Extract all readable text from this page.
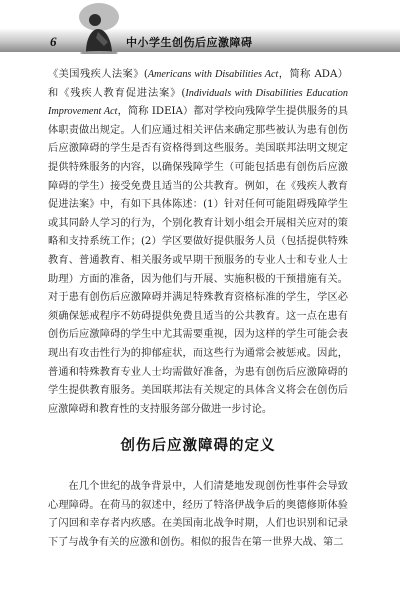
6	中小学生创伤后应激障碍

《美国残疾人法案》(Americans with Disabilities Act，简称 ADA）和《残疾人教育促进法案》(Individuals with Disabilities Education Improvement Act，简称 IDEIA）都对学校向残障学生提供服务的具体职责做出规定。人们应通过相关评估来确定那些被认为患有创伤后应激障碍的学生是否有资格得到这些服务。美国联邦法明文规定提供特殊服务的内容，以确保残障学生（可能包括患有创伤后应激障碍的学生）接受免费且适当的公共教育。例如，在《残疾人教育促进法案》中，有如下具体陈述：(1）针对任何可能阻碍残障学生或其同龄人学习的行为，个别化教育计划小组会开展相关应对的策略和支持系统工作；(2）学区要做好提供服务人员（包括提供特殊教育、普通教育、相关服务或早期干预服务的专业人士和专业人士助理）方面的准备，因为他们与开展、实施积极的干预措施有关。对于患有创伤后应激障碍并满足特殊教育资格标准的学生，学区必须确保惩戒程序不妨碍提供免费且适当的公共教育。这一点在患有创伤后应激障碍的学生中尤其需要重视，因为这样的学生可能会表现出有攻击性行为的抑郁症状，而这些行为通常会被惩戒。因此，普通和特殊教育专业人士均需做好准备，为患有创伤后应激障碍的学生提供教育服务。美国联邦法有关规定的具体含义将会在创伤后应激障碍和教育性的支持服务部分做进一步讨论。

创伤后应激障碍的定义

在几个世纪的战争背景中，人们清楚地发现创伤性事件会导致心理障碍。在荷马的叙述中，经历了特洛伊战争后的奥德修斯体验了闪回和幸存者内疚感。在美国南北战争时期，人们也识别和记录下了与战争有关的应激和创伤。相似的报告在第一世界大战、第二
